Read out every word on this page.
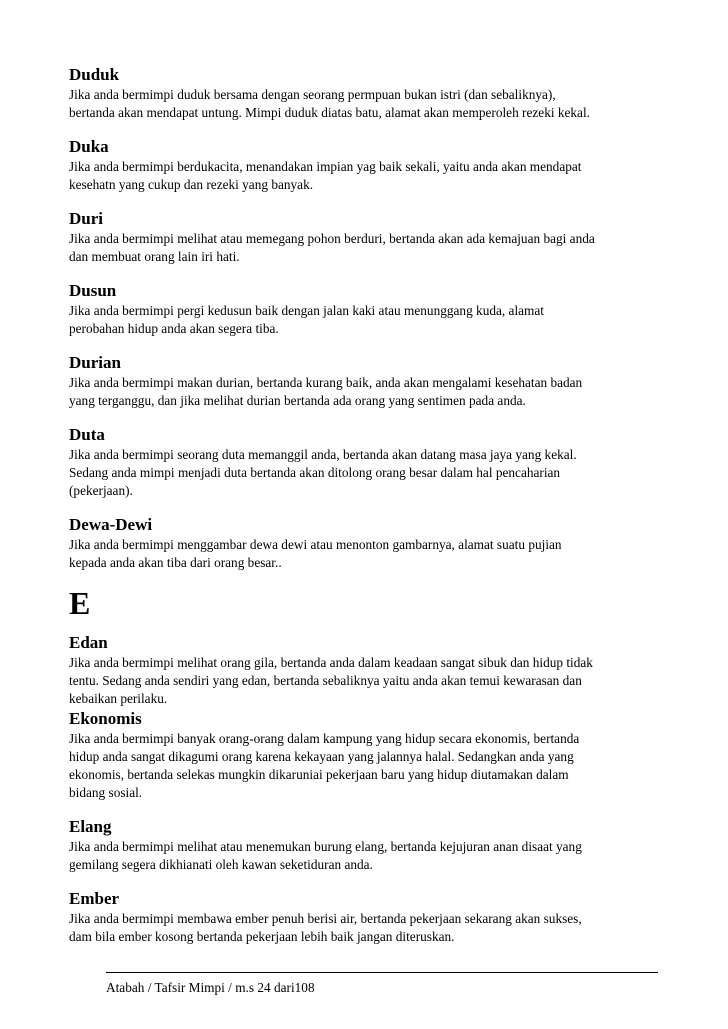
Duduk
Jika anda bermimpi duduk bersama dengan seorang permpuan bukan istri (dan sebaliknya),
bertanda akan mendapat untung. Mimpi duduk diatas batu, alamat akan memperoleh rezeki kekal.
Duka
Jika anda bermimpi berdukacita, menandakan impian yag baik sekali, yaitu anda akan mendapat
kesehatn yang cukup dan rezeki yang banyak.
Duri
Jika anda bermimpi melihat atau memegang pohon berduri, bertanda akan ada kemajuan bagi anda
dan membuat orang lain iri hati.
Dusun
Jika anda bermimpi pergi kedusun baik dengan jalan kaki atau menunggang kuda, alamat
perobahan hidup anda akan segera tiba.
Durian
Jika anda bermimpi makan durian, bertanda kurang baik, anda akan mengalami kesehatan badan
yang terganggu, dan jika melihat durian bertanda ada orang yang sentimen pada anda.
Duta
Jika anda bermimpi seorang duta memanggil anda, bertanda akan datang masa jaya yang kekal.
Sedang anda mimpi menjadi duta bertanda akan ditolong orang besar dalam hal pencaharian
(pekerjaan).
Dewa-Dewi
Jika anda bermimpi menggambar dewa dewi atau menonton gambarnya, alamat suatu pujian
kepada anda akan tiba dari orang besar..
E
Edan
Jika anda bermimpi melihat orang gila, bertanda anda dalam keadaan sangat sibuk dan hidup tidak
tentu. Sedang anda sendiri yang edan, bertanda sebaliknya yaitu anda akan temui kewarasan dan
kebaikan perilaku.
Ekonomis
Jika anda bermimpi banyak orang-orang dalam kampung yang hidup secara ekonomis, bertanda
hidup anda sangat dikagumi orang karena kekayaan yang jalannya halal. Sedangkan anda yang
ekonomis, bertanda selekas mungkin dikaruniai pekerjaan baru yang hidup diutamakan dalam
bidang sosial.
Elang
Jika anda bermimpi melihat atau menemukan burung elang, bertanda kejujuran anan disaat yang
gemilang segera dikhianati oleh kawan seketiduran anda.
Ember
Jika anda bermimpi membawa ember penuh berisi air, bertanda pekerjaan sekarang akan sukses,
dam bila ember kosong bertanda pekerjaan lebih baik jangan diteruskan.
Atabah / Tafsir Mimpi / m.s 24 dari108
